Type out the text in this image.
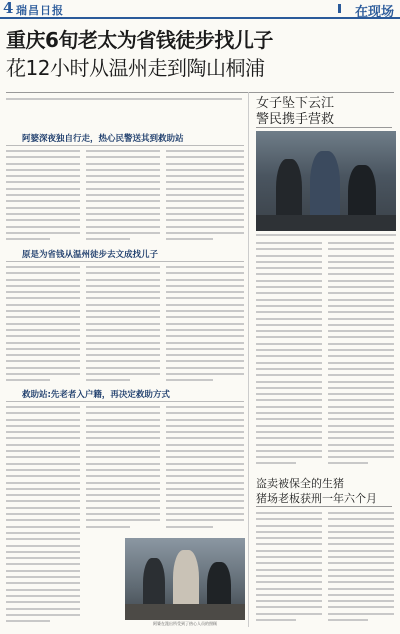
4 瑞昌日报	在现场
重庆6旬老太为省钱徒步找儿子
花12小时从温州走到陶山桐浦
阿婆深夜独自行走，热心民警送其到救助站
原是为省钱从温州徒步去文成找儿子
救助站:先老者入户籍，再决定救助方式
阿婆在派出所受到了热心人员的照顾
女子坠下云江
警民携手营救
盗卖被保全的生猪
猪场老板获刑一年六个月
